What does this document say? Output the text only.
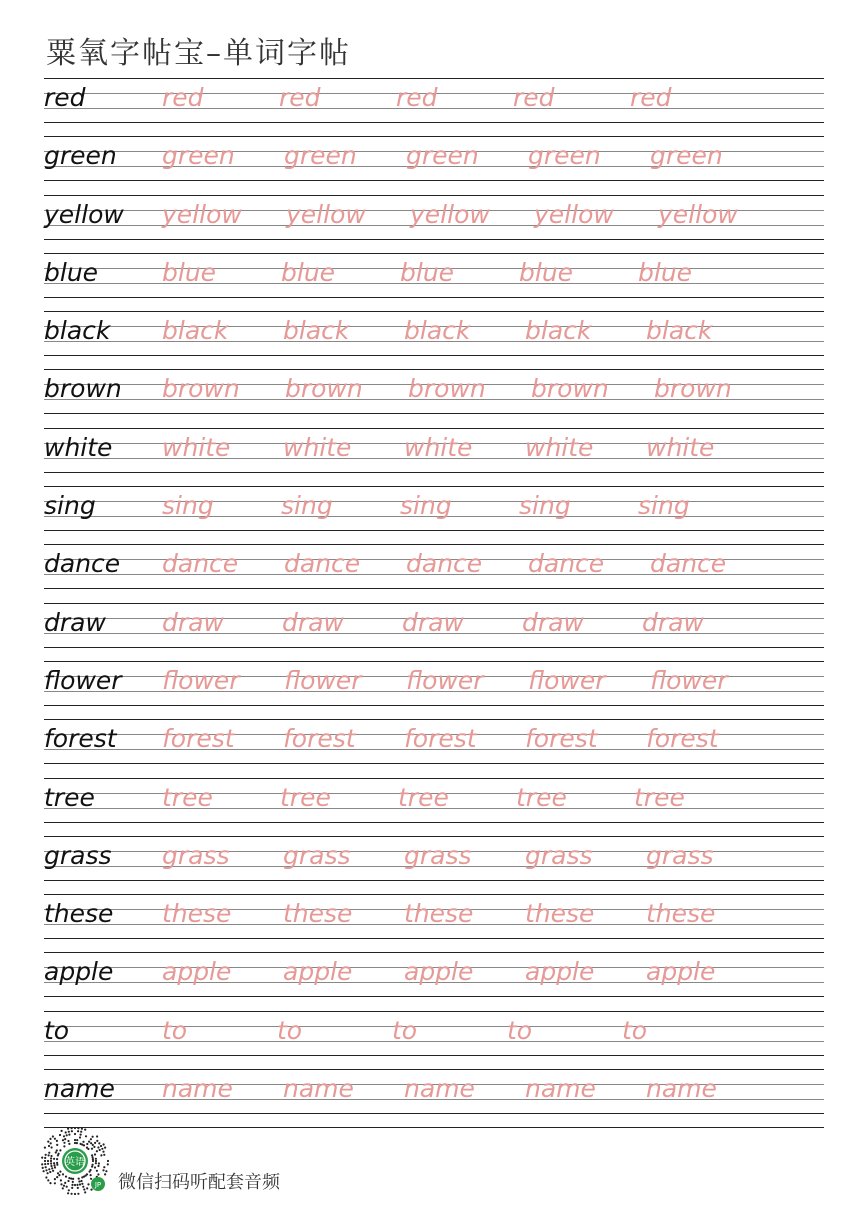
粟氧字帖宝–单词字帖
red	red	red	red	red	red
green green	green	green	green	green
yellow yellow	yellow	yellow	yellow	yellow
blue	blue	blue	blue	blue	blue
black black	black	black	black	black
brown brown	brown	brown	brown	brown
white white	white	white	white	white
sing	sing	sing	sing	sing	sing
dance dance	dance	dance	dance	dance
draw draw	draw	draw	draw	draw
flower flower	flower	flower	flower	flower
forest forest	forest	forest	forest	forest
tree	tree	tree	tree	tree	tree
grass grass	grass	grass	grass	grass
these these	these	these	these	these
apple apple	apple	apple	apple	apple
to	to	to	to	to	to
name name	name	name	name	name
英语
JP 微信扫码听配套音频
